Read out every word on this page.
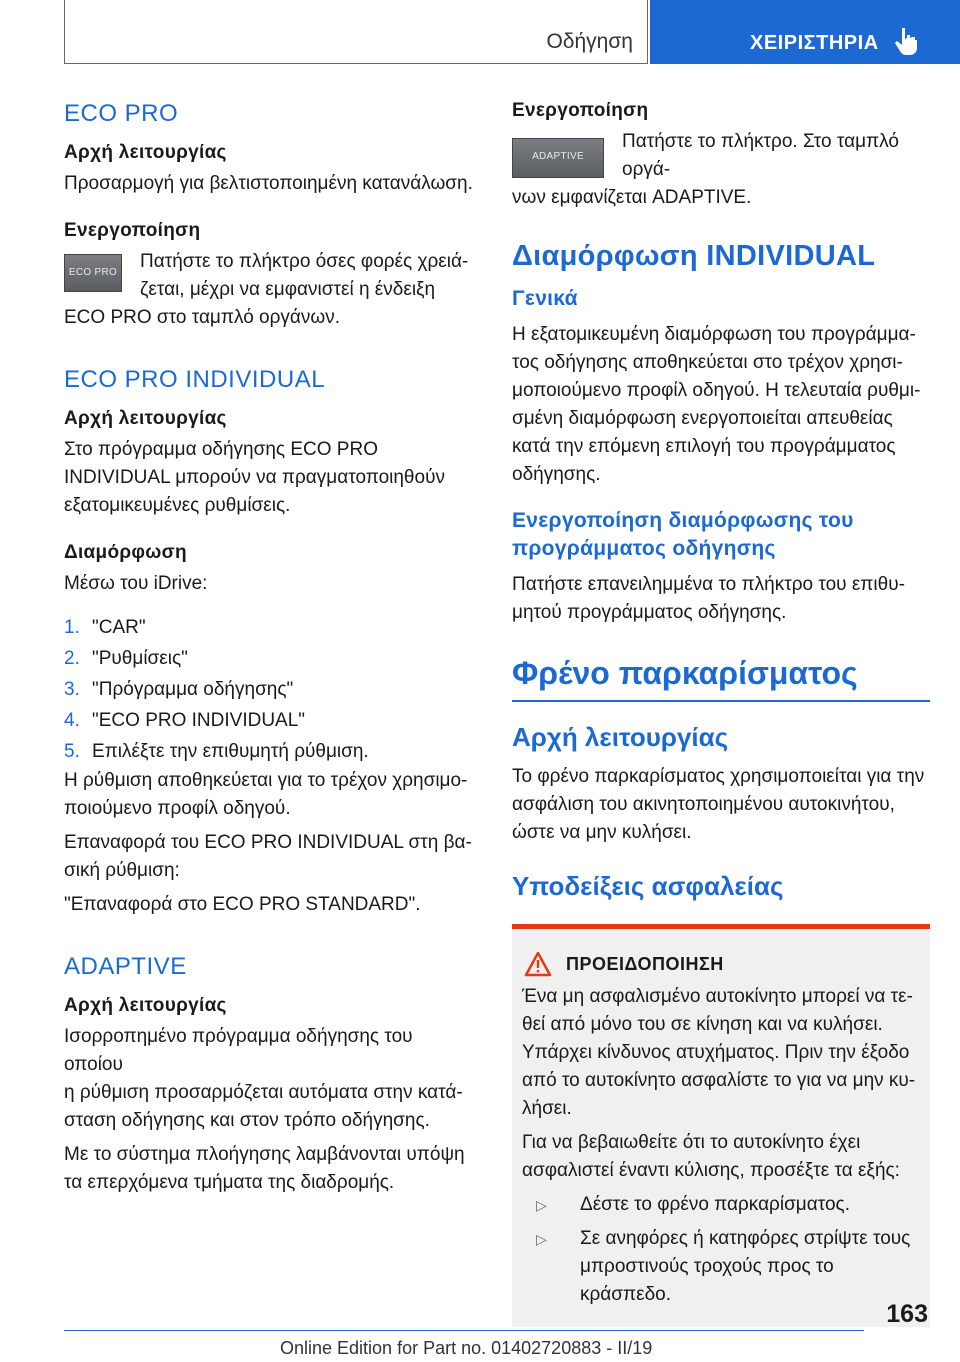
Οδήγηση	ΧΕΙΡΙΣΤΗΡΙΑ
ECO PRO
Αρχή λειτουργίας

Προσαρμογή για βελτιστοποιημένη κατανάλωση.

Ενεργοποίηση
ECO PRO

Πατήστε το πλήκτρο όσες φορές χρειά-

ζεται, μέχρι να εμφανιστεί η ένδειξη

ECO PRO στο ταμπλό οργάνων.

ECO PRO INDIVIDUAL
Αρχή λειτουργίας

Στο πρόγραμμα οδήγησης ECO PRO

INDIVIDUAL μπορούν να πραγματοποιηθούν

εξατομικευμένες ρυθμίσεις.

Διαμόρφωση

Μέσω του iDrive:

1. "CAR"
2. "Ρυθμίσεις"
3. "Πρόγραμμα οδήγησης"
4. "ECO PRO INDIVIDUAL"
5. Επιλέξτε την επιθυμητή ρύθμιση.

Η ρύθμιση αποθηκεύεται για το τρέχον χρησιμο-

ποιούμενο προφίλ οδηγού.

Επαναφορά του ECO PRO INDIVIDUAL στη βα-

σική ρύθμιση:

"Επαναφορά στο ECO PRO STANDARD".

ADAPTIVE
Αρχή λειτουργίας

Ισορροπημένο πρόγραμμα οδήγησης του οποίου

η ρύθμιση προσαρμόζεται αυτόματα στην κατά-

σταση οδήγησης και στον τρόπο οδήγησης.

Με το σύστημα πλοήγησης λαμβάνονται υπόψη

τα επερχόμενα τμήματα της διαδρομής.

Ενεργοποίηση
ADAPTIVE

Πατήστε το πλήκτρο. Στο ταμπλό οργά-

νων εμφανίζεται ADAPTIVE.

Διαμόρφωση INDIVIDUAL
Γενικά

Η εξατομικευμένη διαμόρφωση του προγράμμα-

τος οδήγησης αποθηκεύεται στο τρέχον χρησι-

μοποιούμενο προφίλ οδηγού. Η τελευταία ρυθμι-

σμένη διαμόρφωση ενεργοποιείται απευθείας

κατά την επόμενη επιλογή του προγράμματος

οδήγησης.

Ενεργοποίηση διαμόρφωσης του
προγράμματος οδήγησης

Πατήστε επανειλημμένα το πλήκτρο του επιθυ-

μητού προγράμματος οδήγησης.

Φρένο παρκαρίσματος
Αρχή λειτουργίας

Το φρένο παρκαρίσματος χρησιμοποιείται για την

ασφάλιση του ακινητοποιημένου αυτοκινήτου,

ώστε να μην κυλήσει.

Υποδείξεις ασφαλείας
ΠΡΟΕΙΔΟΠΟΙΗΣΗ

Ένα μη ασφαλισμένο αυτοκίνητο μπορεί να τε-

θεί από μόνο του σε κίνηση και να κυλήσει.

Υπάρχει κίνδυνος ατυχήματος. Πριν την έξοδο

από το αυτοκίνητο ασφαλίστε το για να μην κυ-

λήσει.

Για να βεβαιωθείτε ότι το αυτοκίνητο έχει

ασφαλιστεί έναντι κύλισης, προσέξτε τα εξής:

▷	Δέστε το φρένο παρκαρίσματος.
▷	Σε ανηφόρες ή κατηφόρες στρίψτε τους
μπροστινούς τροχούς προς το κράσπεδο.
163
Online Edition for Part no. 01402720883 - II/19
